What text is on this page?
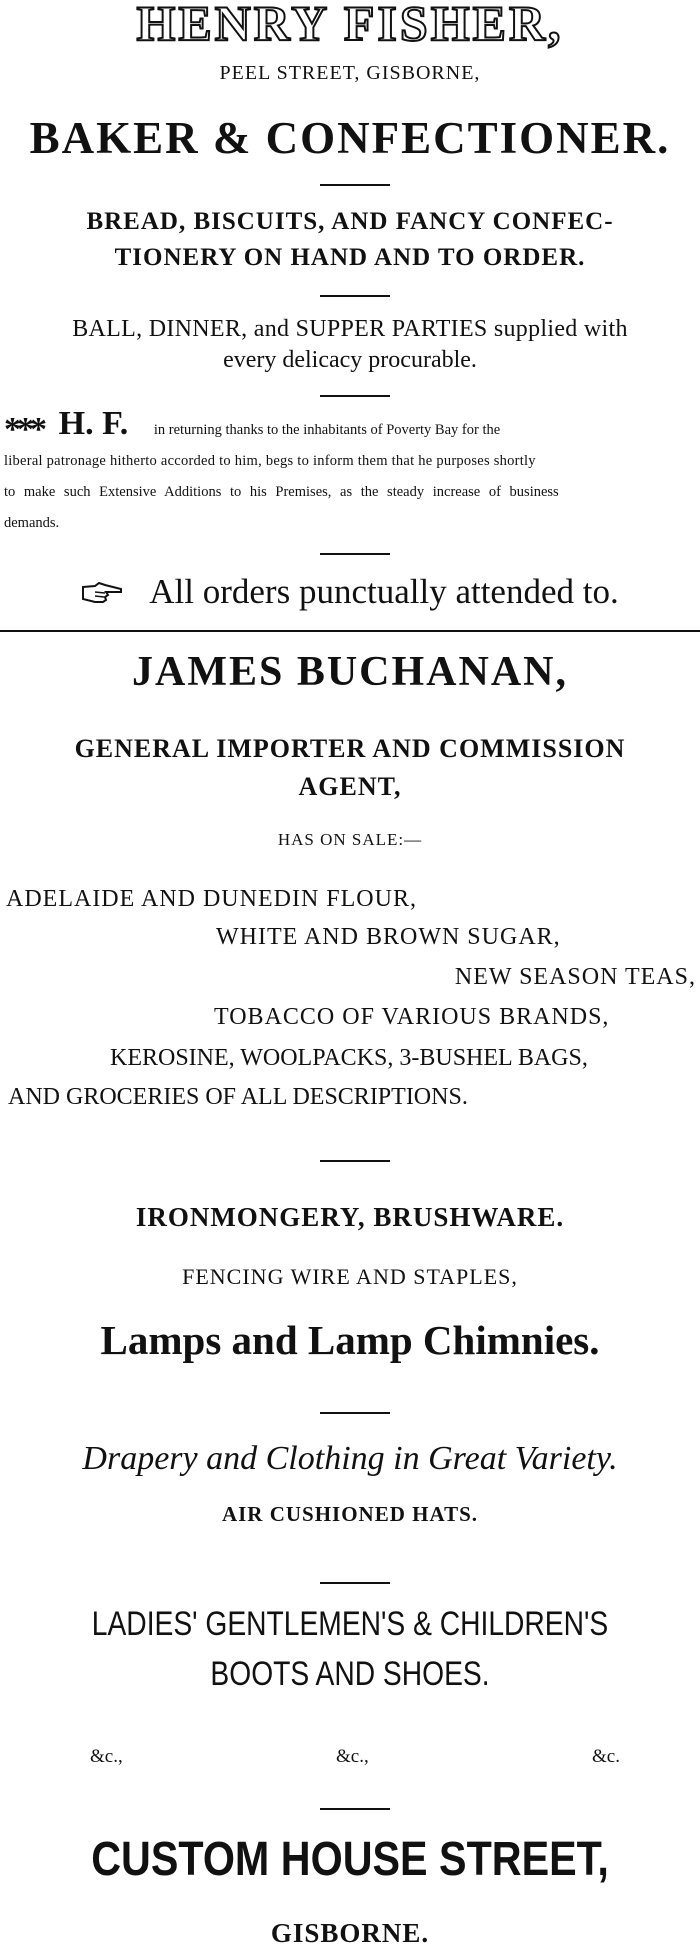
HENRY FISHER,
PEEL STREET, GISBORNE,
BAKER & CONFECTIONER.
BREAD, BISCUITS, AND FANCY CONFEC-
TIONERY ON HAND AND TO ORDER.
BALL, DINNER, and SUPPER PARTIES supplied with
every delicacy procurable.
*** H. F. in returning thanks to the inhabitants of Poverty Bay for the
liberal patronage hitherto accorded to him, begs to inform them that he purposes shortly
to make such Extensive Additions to his Premises, as the steady increase of business
demands.
All orders punctually attended to.
JAMES BUCHANAN,
GENERAL IMPORTER AND COMMISSION
AGENT,
HAS ON SALE:—
ADELAIDE AND DUNEDIN FLOUR,
WHITE AND BROWN SUGAR,
NEW SEASON TEAS,
TOBACCO OF VARIOUS BRANDS,
KEROSINE, WOOLPACKS, 3-BUSHEL BAGS,
AND GROCERIES OF ALL DESCRIPTIONS.
IRONMONGERY, BRUSHWARE.
FENCING WIRE AND STAPLES,
Lamps and Lamp Chimnies.
Drapery and Clothing in Great Variety.
AIR CUSHIONED HATS.
LADIES' GENTLEMEN'S & CHILDREN'S
BOOTS AND SHOES.
&c.,	&c.,	&c.
CUSTOM HOUSE STREET,
GISBORNE.
